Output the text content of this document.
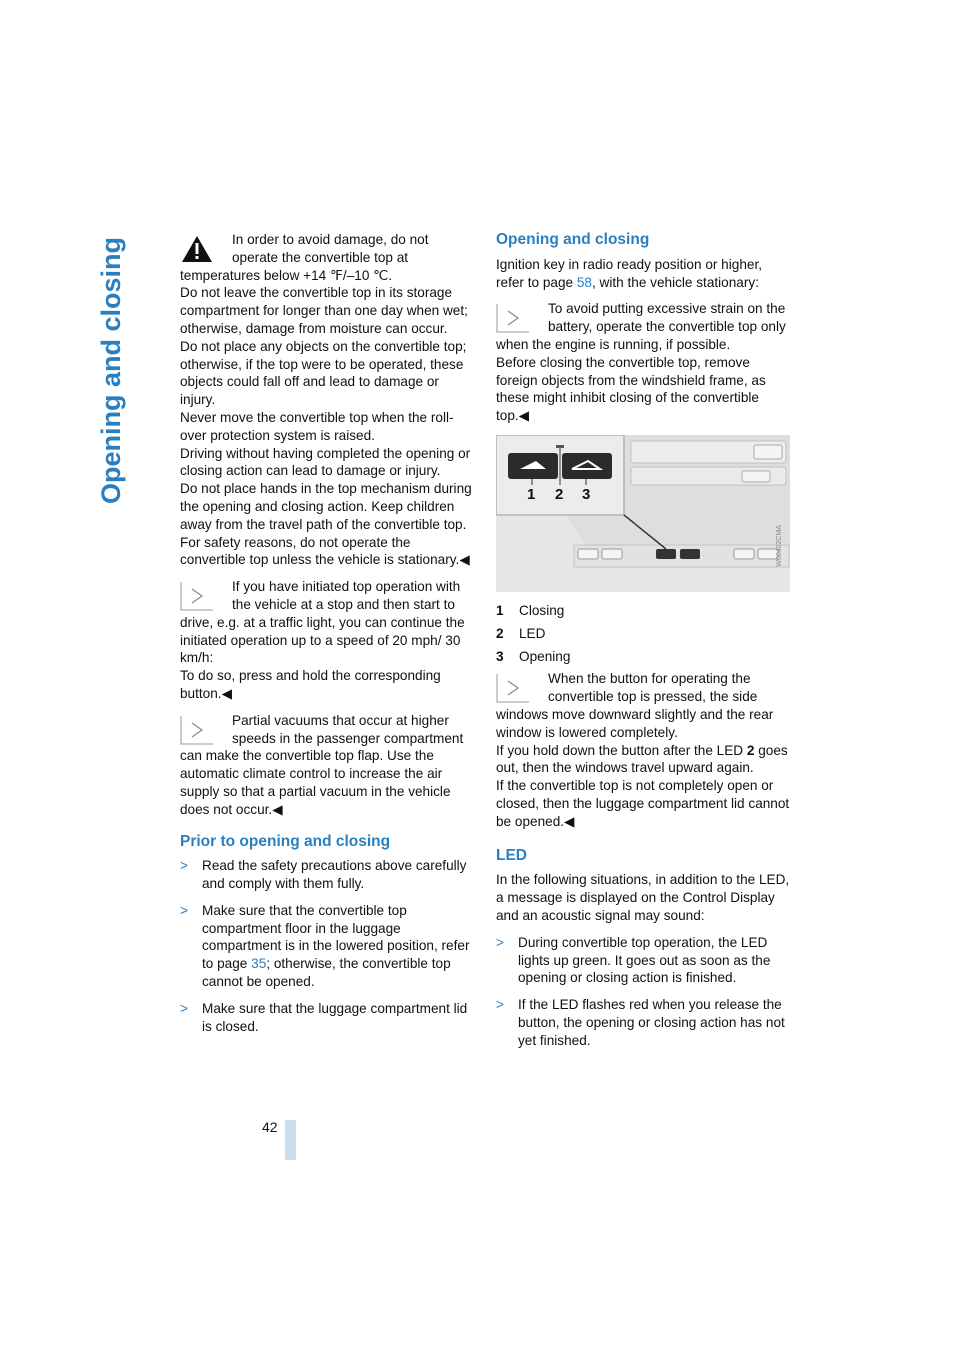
Opening and closing
42

In order to avoid damage, do not operate the convertible top at temperatures below +14 ℉/–10 ℃.

Do not leave the convertible top in its storage compartment for longer than one day when wet; otherwise, damage from moisture can occur.

Do not place any objects on the convertible top; otherwise, if the top were to be operated, these objects could fall off and lead to damage or injury.

Never move the convertible top when the roll-over protection system is raised.

Driving without having completed the opening or closing action can lead to damage or injury.

Do not place hands in the top mechanism during the opening and closing action. Keep children away from the travel path of the convertible top.

For safety reasons, do not operate the convertible top unless the vehicle is stationary.◀

If you have initiated top operation with the vehicle at a stop and then start to drive, e.g. at a traffic light, you can continue the initiated operation up to a speed of 20 mph/ 30 km/h:

To do so, press and hold the corresponding button.◀

Partial vacuums that occur at higher speeds in the passenger compartment can make the convertible top flap. Use the automatic climate control to increase the air supply so that a partial vacuum in the vehicle does not occur.◀

Prior to opening and closing
>	Read the safety precautions above carefully and comply with them fully.
>	Make sure that the convertible top compartment floor in the luggage compartment is in the lowered position, refer to page 35; otherwise, the convertible top cannot be opened.
>	Make sure that the luggage compartment lid is closed.
Opening and closing

Ignition key in radio ready position or higher, refer to page 58, with the vehicle stationary:

To avoid putting excessive strain on the battery, operate the convertible top only when the engine is running, if possible.

Before closing the convertible top, remove foreign objects from the windshield frame, as these might inhibit closing of the convertible top.◀

1 2 3
W00402CMA
1	Closing
2	LED
3	Opening

When the button for operating the convertible top is pressed, the side windows move downward slightly and the rear window is lowered completely.

If you hold down the button after the LED 2 goes out, then the windows travel upward again.

If the convertible top is not completely open or closed, then the luggage compartment lid cannot be opened.◀

LED

In the following situations, in addition to the LED, a message is displayed on the Control Display and an acoustic signal may sound:

>	During convertible top operation, the LED lights up green. It goes out as soon as the opening or closing action is finished.
>	If the LED flashes red when you release the button, the opening or closing action has not yet finished.
